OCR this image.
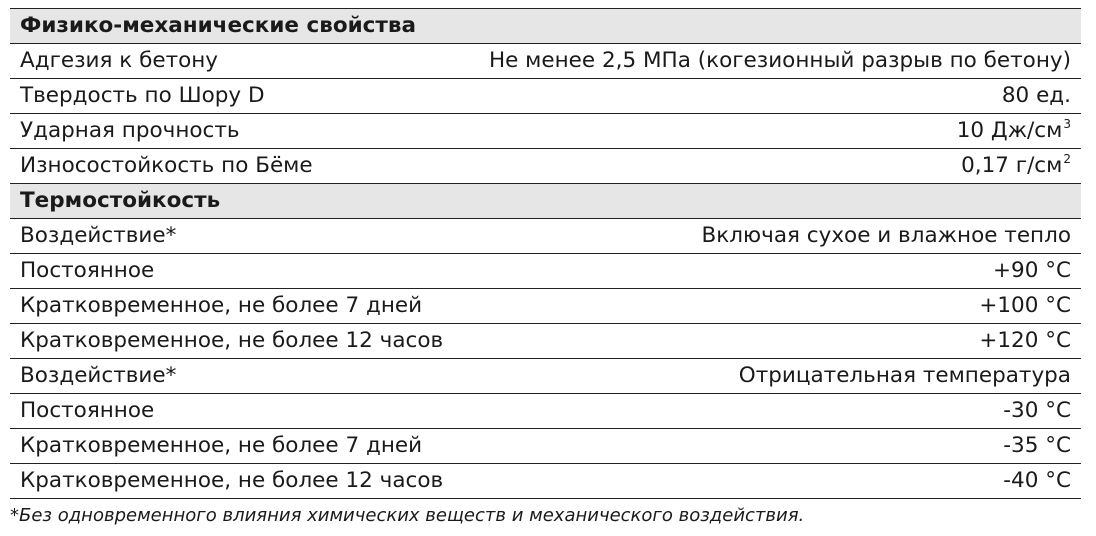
Физико-механические свойства	
Адгезия к бетону	Не менее 2,5 МПа (когезионный разрыв по бетону)
Твердость по Шору D	80 ед.
Ударная прочность	10 $Дж/см^3$
Износостойкость по Бёме	0,17 $г/см^2$
Термостойкость	
Воздействие*	Включая сухое и влажное тепло
Постоянное	+90 °C
Кратковременное, не более 7 дней	+100 °C
Кратковременное, не более 12 часов	+120 °C
Воздействие*	Отрицательная температура
Постоянное	-30 °C
Кратковременное, не более 7 дней	-35 °C
Кратковременное, не более 12 часов	-40 °C
*Без одновременного влияния химических веществ и механического воздействия.
